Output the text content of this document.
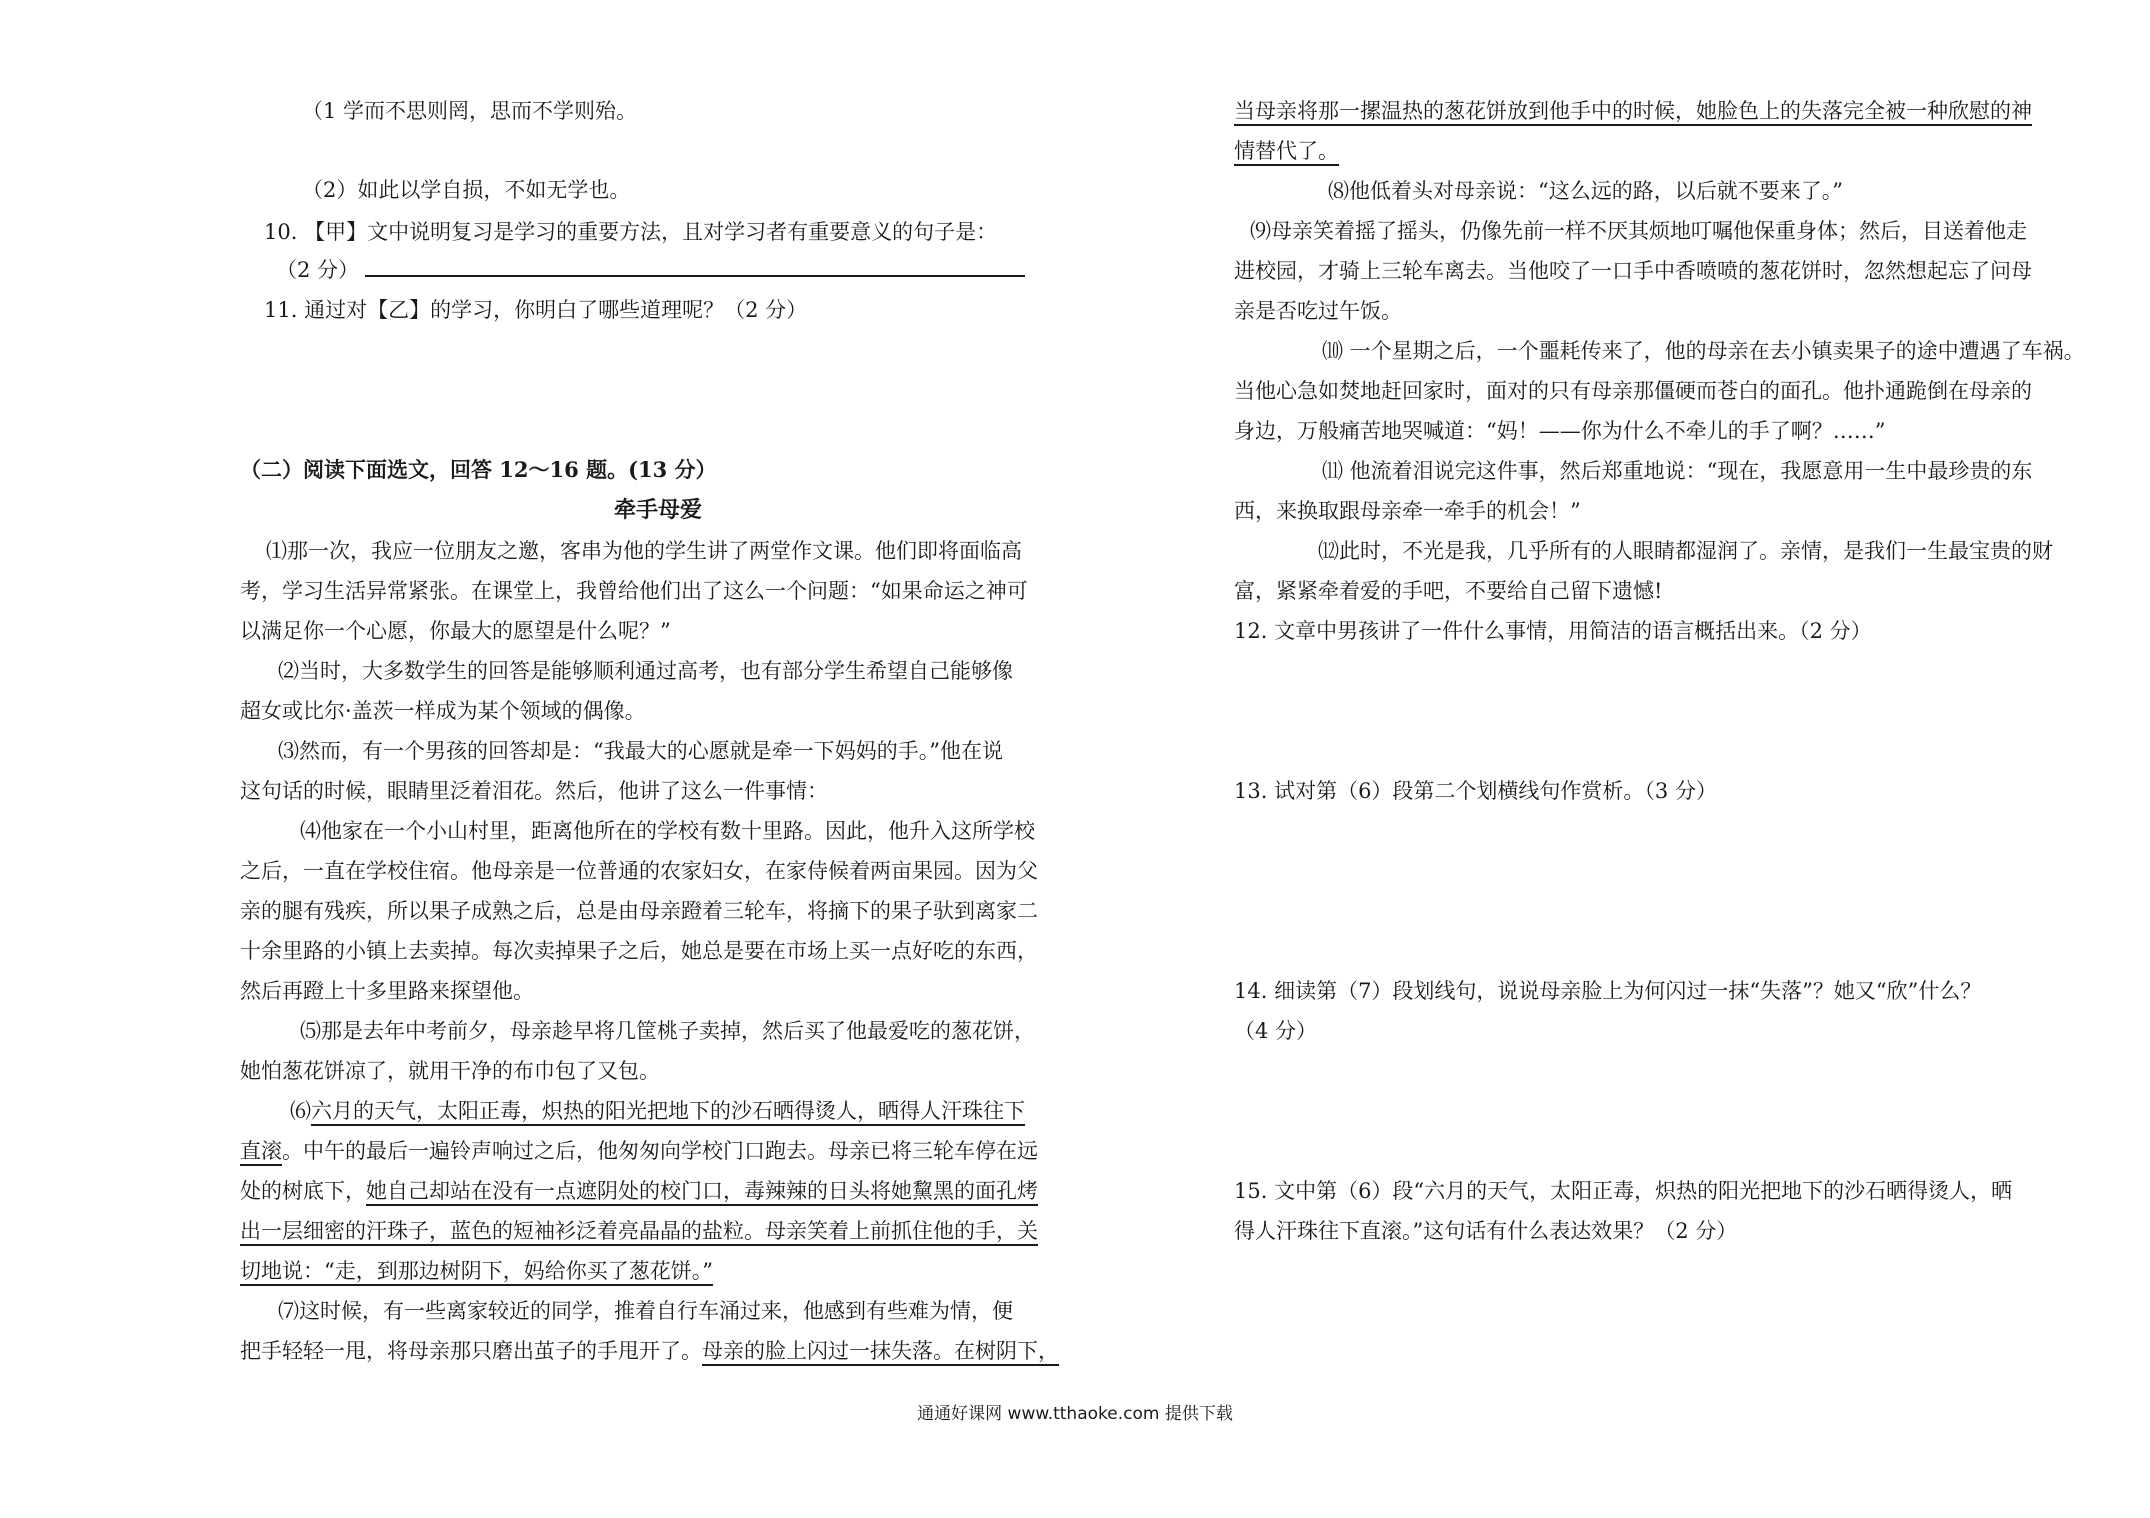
（1 学而不思则罔，思而不学则殆。
（2）如此以学自损，不如无学也。
10. 【甲】文中说明复习是学习的重要方法，且对学习者有重要意义的句子是：
（2 分）
11. 通过对【乙】的学习，你明白了哪些道理呢？（2 分）
（二）阅读下面选文，回答 12～16 题。(13 分）
牵手母爱
⑴那一次，我应一位朋友之邀，客串为他的学生讲了两堂作文课。他们即将面临高
考，学习生活异常紧张。在课堂上，我曾给他们出了这么一个问题：“如果命运之神可
以满足你一个心愿，你最大的愿望是什么呢？”
⑵当时，大多数学生的回答是能够顺利通过高考，也有部分学生希望自己能够像
超女或比尔·盖茨一样成为某个领域的偶像。
⑶然而，有一个男孩的回答却是：“我最大的心愿就是牵一下妈妈的手。”他在说
这句话的时候，眼睛里泛着泪花。然后，他讲了这么一件事情：
⑷他家在一个小山村里，距离他所在的学校有数十里路。因此，他升入这所学校
之后，一直在学校住宿。他母亲是一位普通的农家妇女，在家侍候着两亩果园。因为父
亲的腿有残疾，所以果子成熟之后，总是由母亲蹬着三轮车，将摘下的果子驮到离家二
十余里路的小镇上去卖掉。每次卖掉果子之后，她总是要在市场上买一点好吃的东西，
然后再蹬上十多里路来探望他。
⑸那是去年中考前夕，母亲趁早将几筐桃子卖掉，然后买了他最爱吃的葱花饼，
她怕葱花饼凉了，就用干净的布巾包了又包。
⑹六月的天气，太阳正毒，炽热的阳光把地下的沙石晒得烫人，晒得人汗珠往下
直滚。中午的最后一遍铃声响过之后，他匆匆向学校门口跑去。母亲已将三轮车停在远
处的树底下，她自己却站在没有一点遮阴处的校门口，毒辣辣的日头将她黧黑的面孔烤
出一层细密的汗珠子，蓝色的短袖衫泛着亮晶晶的盐粒。母亲笑着上前抓住他的手，关
切地说：“走，到那边树阴下，妈给你买了葱花饼。”
⑺这时候，有一些离家较近的同学，推着自行车涌过来，他感到有些难为情，便
把手轻轻一甩，将母亲那只磨出茧子的手甩开了。母亲的脸上闪过一抹失落。在树阴下，
当母亲将那一摞温热的葱花饼放到他手中的时候，她脸色上的失落完全被一种欣慰的神
情替代了。
⑻他低着头对母亲说：“这么远的路，以后就不要来了。”
⑼母亲笑着摇了摇头，仍像先前一样不厌其烦地叮嘱他保重身体；然后，目送着他走
进校园，才骑上三轮车离去。当他咬了一口手中香喷喷的葱花饼时，忽然想起忘了问母
亲是否吃过午饭。
⑽ 一个星期之后，一个噩耗传来了，他的母亲在去小镇卖果子的途中遭遇了车祸。
当他心急如焚地赶回家时，面对的只有母亲那僵硬而苍白的面孔。他扑通跪倒在母亲的
身边，万般痛苦地哭喊道：“妈！——你为什么不牵儿的手了啊？……”
⑾ 他流着泪说完这件事，然后郑重地说：“现在，我愿意用一生中最珍贵的东
西，来换取跟母亲牵一牵手的机会！”
⑿此时，不光是我，几乎所有的人眼睛都湿润了。亲情，是我们一生最宝贵的财
富，紧紧牵着爱的手吧，不要给自己留下遗憾!
12. 文章中男孩讲了一件什么事情，用简洁的语言概括出来。（2 分）
13. 试对第（6）段第二个划横线句作赏析。（3 分）
14. 细读第（7）段划线句，说说母亲脸上为何闪过一抹“失落”？她又“欣”什么？
（4 分）
15. 文中第（6）段“六月的天气，太阳正毒，炽热的阳光把地下的沙石晒得烫人，晒
得人汗珠往下直滚。”这句话有什么表达效果？（2 分）
通通好课网 www.tthaoke.com 提供下载
